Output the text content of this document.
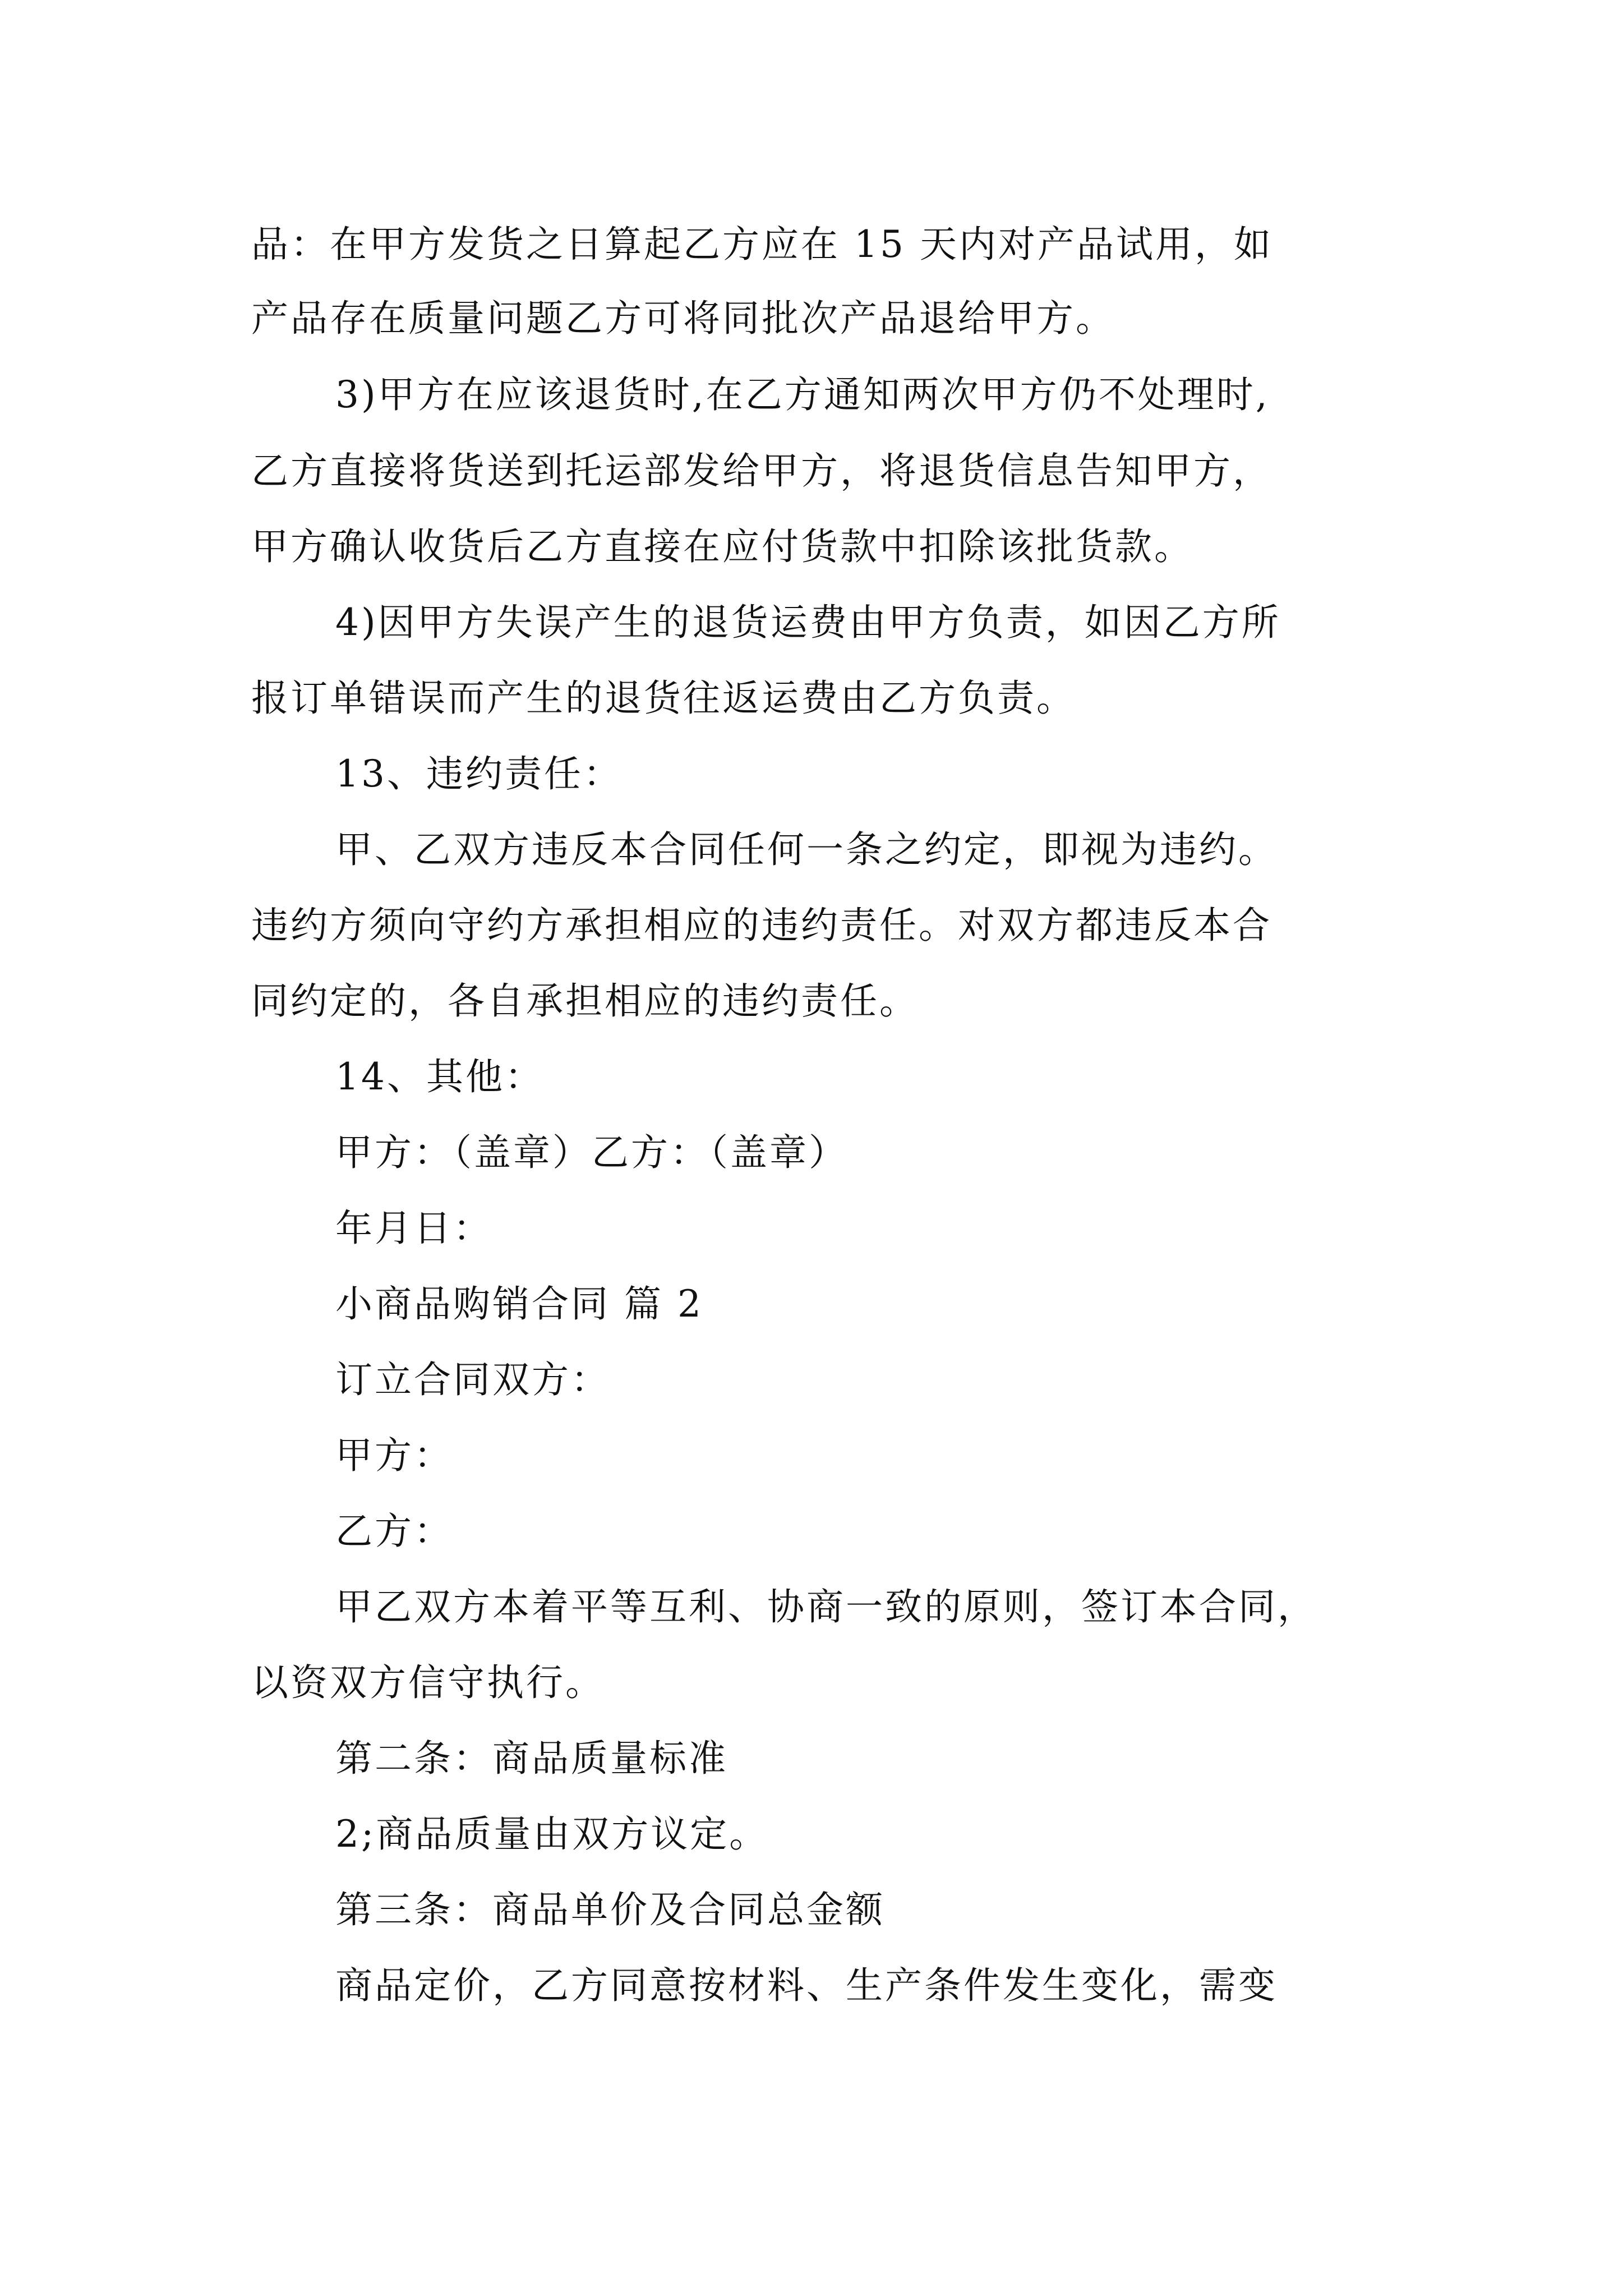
品：在甲方发货之日算起乙方应在 15 天内对产品试用，如
产品存在质量问题乙方可将同批次产品退给甲方。
3)甲方在应该退货时,在乙方通知两次甲方仍不处理时,
乙方直接将货送到托运部发给甲方，将退货信息告知甲方，
甲方确认收货后乙方直接在应付货款中扣除该批货款。
4)因甲方失误产生的退货运费由甲方负责，如因乙方所
报订单错误而产生的退货往返运费由乙方负责。
13、违约责任：
甲、乙双方违反本合同任何一条之约定，即视为违约。
违约方须向守约方承担相应的违约责任。对双方都违反本合
同约定的，各自承担相应的违约责任。
14、其他：
甲方：（盖章）乙方：（盖章）
年月日：
小商品购销合同 篇 2
订立合同双方：
甲方：
乙方：
甲乙双方本着平等互利、协商一致的原则，签订本合同，
以资双方信守执行。
第二条：商品质量标准
2;商品质量由双方议定。
第三条：商品单价及合同总金额
商品定价，乙方同意按材料、生产条件发生变化，需变
